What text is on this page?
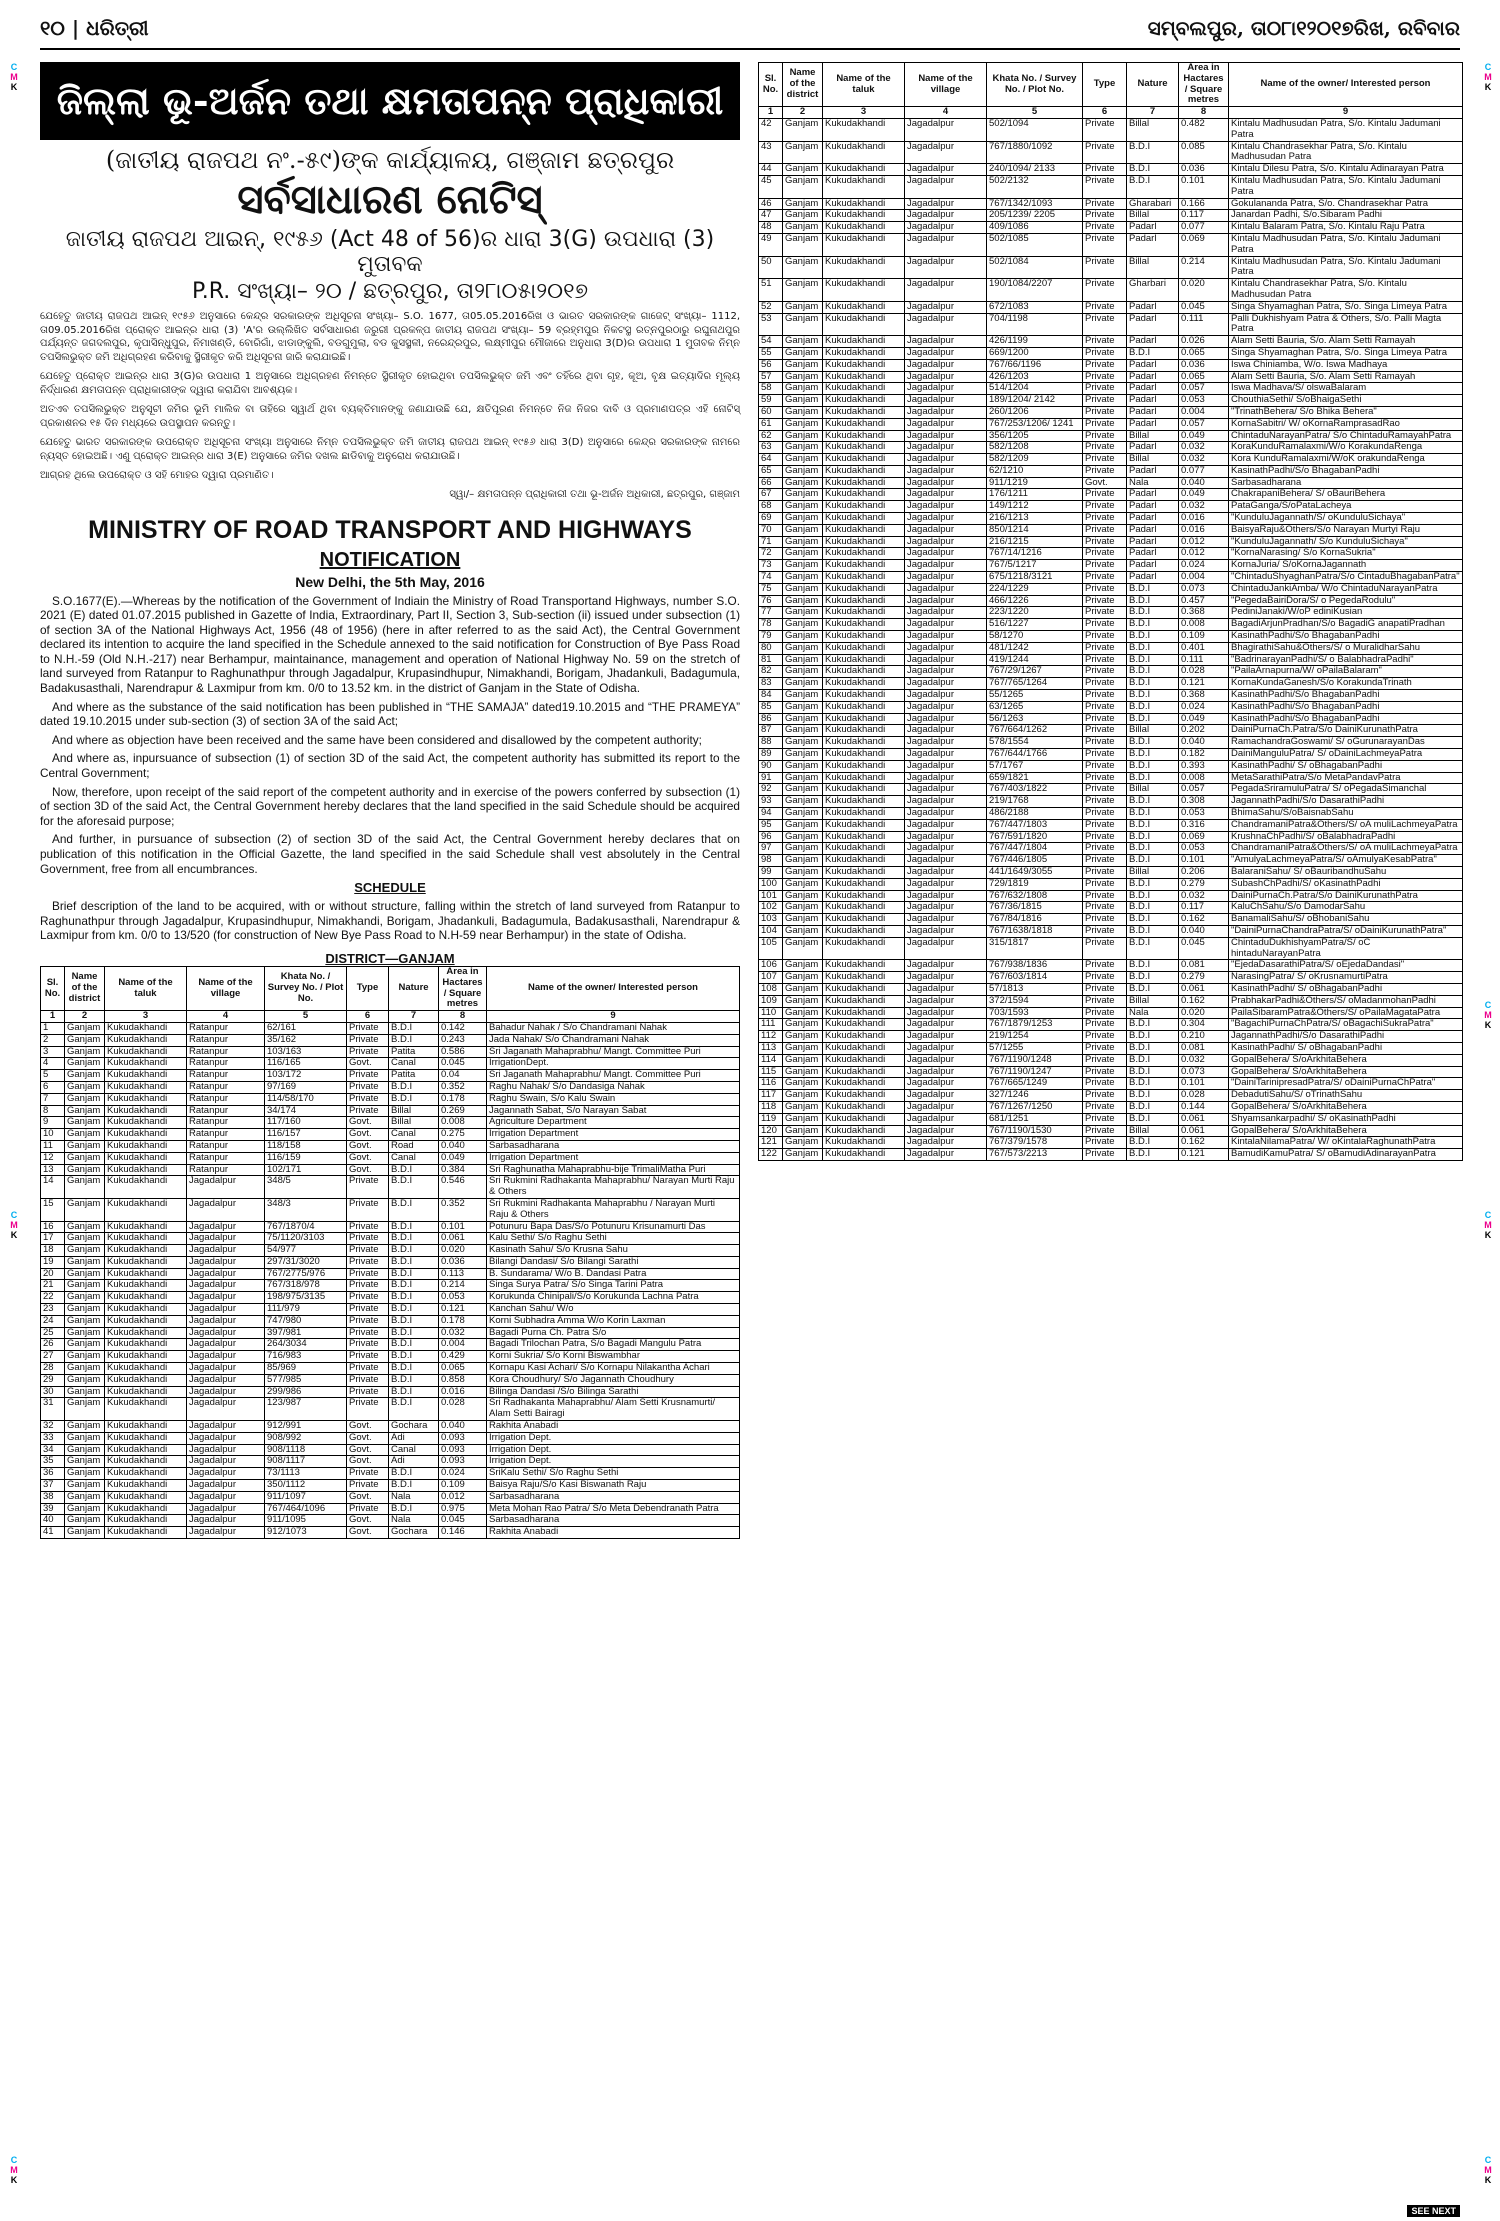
୧୦ | ଧରିତ୍ରୀ	ସମ୍ବଲପୁର, ତା୦୮ା୧୨୦୧୭ରିଖ, ରବିବାର
C
M
K
C
M
K
C
M
K
C
M
K
C
M
K
C
M
K
C
M
K
ଜିଲ୍ଲା ଭୂ-ଅର୍ଜନ ତଥା କ୍ଷମତାପନ୍ନ ପ୍ରାଧିକାରୀ
(ଜାତୀୟ ରାଜପଥ ନଂ.-୫୯)ଙ୍କ କାର୍ଯ୍ୟାଳୟ, ଗଞ୍ଜାମ ଛତ୍ରପୁର
ସର୍ବସାଧାରଣ ନୋଟିସ୍
ଜାତୀୟ ରାଜପଥ ଆଇନ୍, ୧୯୫୬ (Act 48 of 56)ର ଧାରା 3(G) ଉପଧାରା (3) ମୁତାବକ
P.R. ସଂଖ୍ୟା– ୨୦ / ଛତ୍ରପୁର, ତା୨୮ା୦୫ା୨୦୧୭
ଯେହେତୁ ଜାତୀୟ ରାଜପଥ ଆଇନ୍ ୧୯୫୬ ଅନୁସାରେ କେନ୍ଦ୍ର ସରକାରଙ୍କ ଅଧିସୂଚନା ସଂଖ୍ୟା– S.O. 1677, ତା05.05.2016ରିଖ ଓ ଭାରତ ସରକାରଙ୍କ ଗାଜେଟ୍ ସଂଖ୍ୟା– 1112, ତା09.05.2016ରିଖ ପ୍ରୋକ୍ତ ଆଇନ୍‌ର ଧାରା (3) 'A'ର ଉଲ୍ଲିଖିତ ସର୍ବସାଧାରଣ ଜରୁରୀ ପ୍ରକଳ୍ପ ଜାତୀୟ ରାଜପଥ ସଂଖ୍ୟା– 59 ବ୍ରହ୍ମପୁର ନିକଟସ୍ଥ ରତ୍ନପୁରଠାରୁ ରଘୁନାଥପୁର ପର୍ଯ୍ୟନ୍ତ ଜଗଦଲପୁର, କୃପାସିନ୍ଧୁପୁର, ନିମାଖଣ୍ଡି, ବୋରିଗାଁ, ଝାଡାଙ୍କୁଲି, ବଡଗୁମୁଲା, ବଡ କୁସସ୍ଥଳୀ, ନରେନ୍ଦ୍ରପୁର, ଲକ୍ଷ୍ମୀପୁର ମୌଜାରେ ଅନୁଧାରା 3(D)ର ଉପଧାରା 1 ମୁତାବକ ନିମ୍ନ ତପସିଲଭୁକ୍ତ ଜମି ଅଧିଗ୍ରହଣ କରିବାକୁ ସ୍ଥିରୀକୃତ କରି ଅଧିସୂଚନା ଜାରି କରାଯାଇଛି।
ଯେହେତୁ ପ୍ରୋକ୍ତ ଆଇନ୍‌ର ଧାରା 3(G)ର ଉପଧାରା 1 ଅନୁସାରେ ଅଧିଗ୍ରହଣ ନିମନ୍ତେ ସ୍ଥିରୀକୃତ ହୋଇଥିବା ତପସିଲଭୁକ୍ତ ଜମି ଏବଂ ତହିଁରେ ଥିବା ଗୃହ, କୂଅ, ବୃକ୍ଷ ଇତ୍ୟାଦିର ମୂଲ୍ୟ ନିର୍ଦ୍ଧାରଣ କ୍ଷମତାପନ୍ନ ପ୍ରାଧିକାରୀଙ୍କ ଦ୍ୱାରା କରାଯିବା ଆବଶ୍ୟକ।
ଅତଏବ ତପସିଲଭୁକ୍ତ ଅନୁସୂଚୀ ଜମିର ଭୂମି ମାଲିକ ବା ତାହିରେ ସ୍ୱାର୍ଥ ଥିବା ବ୍ୟକ୍ତିମାନଙ୍କୁ ଜଣାଯାଉଛି ଯେ, କ୍ଷତିପୂରଣ ନିମନ୍ତେ ନିଜ ନିଜର ଦାବି ଓ ପ୍ରମାଣପତ୍ର ଏହି ନୋଟିସ୍ ପ୍ରକାଶନର ୧୫ ଦିନ ମଧ୍ୟରେ ଉପସ୍ଥାପନ କରନ୍ତୁ।
ଯେହେତୁ ଭାରତ ସରକାରଙ୍କ ଉପରୋକ୍ତ ଅଧିସୂଚନା ସଂଖ୍ୟା ଅନୁସାରେ ନିମ୍ନ ତପସିଲଭୁକ୍ତ ଜମି ଜାତୀୟ ରାଜପଥ ଆଇନ୍ ୧୯୫୬ ଧାରା 3(D) ଅନୁସାରେ କେନ୍ଦ୍ର ସରକାରଙ୍କ ନାମରେ ନ୍ୟସ୍ତ ହୋଇଅଛି। ଏଣୁ ପ୍ରୋକ୍ତ ଆଇନ୍‌ର ଧାରା 3(E) ଅନୁସାରେ ଜମିର ଦଖଲ ଛାଡିବାକୁ ଅନୁରୋଧ କରାଯାଉଛି।
ଆଗ୍ରହ ଥିଲେ ଉପରୋକ୍ତ ଓ ସହି ମୋହର ଦ୍ୱାରା ପ୍ରମାଣିତ।
ସ୍ୱା/– କ୍ଷମତାପନ୍ନ ପ୍ରାଧିକାରୀ ତଥା ଭୂ-ଅର୍ଜନ ଅଧିକାରୀ, ଛତ୍ରପୁର, ଗଞ୍ଜାମ
MINISTRY OF ROAD TRANSPORT AND HIGHWAYS
NOTIFICATION
New Delhi, the 5th May, 2016
S.O.1677(E).—Whereas by the notification of the Government of Indiain the Ministry of Road Transportand Highways, number S.O. 2021 (E) dated 01.07.2015 published in Gazette of India, Extraordinary, Part II, Section 3, Sub-section (ii) issued under subsection (1) of section 3A of the National Highways Act, 1956 (48 of 1956) (here in after referred to as the said Act), the Central Government declared its intention to acquire the land specified in the Schedule annexed to the said notification for Construction of Bye Pass Road to N.H.-59 (Old N.H.-217) near Berhampur, maintainance, management and operation of National Highway No. 59 on the stretch of land surveyed from Ratanpur to Raghunathpur through Jagadalpur, Krupasindhupur, Nimakhandi, Borigam, Jhadankuli, Badagumula, Badakusasthali, Narendrapur & Laxmipur from km. 0/0 to 13.52 km. in the district of Ganjam in the State of Odisha.
And where as the substance of the said notification has been published in “THE SAMAJA” dated19.10.2015 and “THE PRAMEYA” dated 19.10.2015 under sub-section (3) of section 3A of the said Act;
And where as objection have been received and the same have been considered and disallowed by the competent authority;
And where as, inpursuance of subsection (1) of section 3D of the said Act, the competent authority has submitted its report to the Central Government;
Now, therefore, upon receipt of the said report of the competent authority and in exercise of the powers conferred by subsection (1) of section 3D of the said Act, the Central Government hereby declares that the land specified in the said Schedule should be acquired for the aforesaid purpose;
And further, in pursuance of subsection (2) of section 3D of the said Act, the Central Government hereby declares that on publication of this notification in the Official Gazette, the land specified in the said Schedule shall vest absolutely in the Central Government, free from all encumbrances.
SCHEDULE
Brief description of the land to be acquired, with or without structure, falling within the stretch of land surveyed from Ratanpur to Raghunathpur through Jagadalpur, Krupasindhupur, Nimakhandi, Borigam, Jhadankuli, Badagumula, Badakusasthali, Narendrapur & Laxmipur from km. 0/0 to 13/520 (for construction of New Bye Pass Road to N.H-59 near Berhampur) in the state of Odisha.
DISTRICT—GANJAM
Sl. No.	Name of the district	Name of the taluk	Name of the village	Khata No. / Survey No. / Plot No.	Type	Nature	Area in Hactares / Square metres	Name of the owner/ Interested person
1	2	3	4	5	6	7	8	9
1	Ganjam	Kukudakhandi	Ratanpur	62/161	Private	B.D.I	0.142	Bahadur Nahak / S/o Chandramani Nahak
2	Ganjam	Kukudakhandi	Ratanpur	35/162	Private	B.D.I	0.243	Jada Nahak/ S/o Chandramani Nahak
3	Ganjam	Kukudakhandi	Ratanpur	103/163	Private	Patita	0.586	Sri Jaganath Mahaprabhu/ Mangt. Committee Puri
4	Ganjam	Kukudakhandi	Ratanpur	116/165	Govt.	Canal	0.045	IrrigationDept.
5	Ganjam	Kukudakhandi	Ratanpur	103/172	Private	Patita	0.04	Sri Jaganath Mahaprabhu/ Mangt. Committee Puri
6	Ganjam	Kukudakhandi	Ratanpur	97/169	Private	B.D.I	0.352	Raghu Nahak/ S/o Dandasiga Nahak
7	Ganjam	Kukudakhandi	Ratanpur	114/58/170	Private	B.D.I	0.178	Raghu Swain, S/o Kalu Swain
8	Ganjam	Kukudakhandi	Ratanpur	34/174	Private	Billal	0.269	Jagannath Sabat, S/o Narayan Sabat
9	Ganjam	Kukudakhandi	Ratanpur	117/160	Govt.	Billal	0.008	Agriculture Department
10	Ganjam	Kukudakhandi	Ratanpur	116/157	Govt.	Canal	0.275	Irrigation Department
11	Ganjam	Kukudakhandi	Ratanpur	118/158	Govt.	Road	0.040	Sarbasadharana
12	Ganjam	Kukudakhandi	Ratanpur	116/159	Govt.	Canal	0.049	Irrigation Department
13	Ganjam	Kukudakhandi	Ratanpur	102/171	Govt.	B.D.I	0.384	Sri Raghunatha Mahaprabhu-bije TrimaliMatha Puri
14	Ganjam	Kukudakhandi	Jagadalpur	348/5	Private	B.D.I	0.546	Sri Rukmini Radhakanta Mahaprabhu/ Narayan Murti Raju & Others
15	Ganjam	Kukudakhandi	Jagadalpur	348/3	Private	B.D.I	0.352	Sri Rukmini Radhakanta Mahaprabhu / Narayan Murti Raju & Others
16	Ganjam	Kukudakhandi	Jagadalpur	767/1870/4	Private	B.D.I	0.101	Potunuru Bapa Das/S/o Potunuru Krisunamurti Das
17	Ganjam	Kukudakhandi	Jagadalpur	75/1120/3103	Private	B.D.I	0.061	Kalu Sethi/ S/o Raghu Sethi
18	Ganjam	Kukudakhandi	Jagadalpur	54/977	Private	B.D.I	0.020	Kasinath Sahu/ S/o Krusna Sahu
19	Ganjam	Kukudakhandi	Jagadalpur	297/31/3020	Private	B.D.I	0.036	Bilangi Dandasi/ S/o Bilangi Sarathi
20	Ganjam	Kukudakhandi	Jagadalpur	767/2775/976	Private	B.D.I	0.113	B. Sundarama/ W/o B. Dandasi Patra
21	Ganjam	Kukudakhandi	Jagadalpur	767/318/978	Private	B.D.I	0.214	Singa Surya Patra/ S/o Singa Tarini Patra
22	Ganjam	Kukudakhandi	Jagadalpur	198/975/3135	Private	B.D.I	0.053	Korukunda Chinipali/S/o Korukunda Lachna Patra
23	Ganjam	Kukudakhandi	Jagadalpur	111/979	Private	B.D.I	0.121	Kanchan Sahu/ W/o
24	Ganjam	Kukudakhandi	Jagadalpur	747/980	Private	B.D.I	0.178	Korni Subhadra Amma W/o Korin Laxman
25	Ganjam	Kukudakhandi	Jagadalpur	397/981	Private	B.D.I	0.032	Bagadi Purna Ch. Patra S/o
26	Ganjam	Kukudakhandi	Jagadalpur	264/3034	Private	B.D.I	0.004	Bagadi Trilochan Patra, S/o Bagadi Mangulu Patra
27	Ganjam	Kukudakhandi	Jagadalpur	716/983	Private	B.D.I	0.429	Korni Sukria/ S/o Korni Biswambhar
28	Ganjam	Kukudakhandi	Jagadalpur	85/969	Private	B.D.I	0.065	Kornapu Kasi Achari/ S/o Kornapu Nilakantha Achari
29	Ganjam	Kukudakhandi	Jagadalpur	577/985	Private	B.D.I	0.858	Kora Choudhury/ S/o Jagannath Choudhury
30	Ganjam	Kukudakhandi	Jagadalpur	299/986	Private	B.D.I	0.016	Bilinga Dandasi /S/o Bilinga Sarathi
31	Ganjam	Kukudakhandi	Jagadalpur	123/987	Private	B.D.I	0.028	Sri Radhakanta Mahaprabhu/ Alam Setti Krusnamurti/ Alam Setti Bairagi
32	Ganjam	Kukudakhandi	Jagadalpur	912/991	Govt.	Gochara	0.040	Rakhita Anabadi
33	Ganjam	Kukudakhandi	Jagadalpur	908/992	Govt.	Adi	0.093	Irrigation Dept.
34	Ganjam	Kukudakhandi	Jagadalpur	908/1118	Govt.	Canal	0.093	Irrigation Dept.
35	Ganjam	Kukudakhandi	Jagadalpur	908/1117	Govt.	Adi	0.093	Irrigation Dept.
36	Ganjam	Kukudakhandi	Jagadalpur	73/1113	Private	B.D.I	0.024	SriKalu Sethi/ S/o Raghu Sethi
37	Ganjam	Kukudakhandi	Jagadalpur	350/1112	Private	B.D.I	0.109	Baisya Raju/S/o Kasi Biswanath Raju
38	Ganjam	Kukudakhandi	Jagadalpur	911/1097	Govt.	Nala	0.012	Sarbasadharana
39	Ganjam	Kukudakhandi	Jagadalpur	767/464/1096	Private	B.D.I	0.975	Meta Mohan Rao Patra/ S/o Meta Debendranath Patra
40	Ganjam	Kukudakhandi	Jagadalpur	911/1095	Govt.	Nala	0.045	Sarbasadharana
41	Ganjam	Kukudakhandi	Jagadalpur	912/1073	Govt.	Gochara	0.146	Rakhita Anabadi
Sl. No.	Name of the district	Name of the taluk	Name of the village	Khata No. / Survey No. / Plot No.	Type	Nature	Area in Hactares / Square metres	Name of the owner/ Interested person
1	2	3	4	5	6	7	8	9
42	Ganjam	Kukudakhandi	Jagadalpur	502/1094	Private	Billal	0.482	Kintalu Madhusudan Patra, S/o. Kintalu Jadumani Patra
43	Ganjam	Kukudakhandi	Jagadalpur	767/1880/1092	Private	B.D.I	0.085	Kintalu Chandrasekhar Patra, S/o. Kintalu Madhusudan Patra
44	Ganjam	Kukudakhandi	Jagadalpur	240/1094/ 2133	Private	B.D.I	0.036	Kintalu Dilesu Patra, S/o. Kintalu Adinarayan Patra
45	Ganjam	Kukudakhandi	Jagadalpur	502/2132	Private	B.D.I	0.101	Kintalu Madhusudan Patra, S/o. Kintalu Jadumani Patra
46	Ganjam	Kukudakhandi	Jagadalpur	767/1342/1093	Private	Gharabari	0.166	Gokulananda Patra, S/o. Chandrasekhar Patra
47	Ganjam	Kukudakhandi	Jagadalpur	205/1239/ 2205	Private	Billal	0.117	Janardan Padhi, S/o.Sibaram Padhi
48	Ganjam	Kukudakhandi	Jagadalpur	409/1086	Private	Padarl	0.077	Kintalu Balaram Patra, S/o. Kintalu Raju Patra
49	Ganjam	Kukudakhandi	Jagadalpur	502/1085	Private	Padarl	0.069	Kintalu Madhusudan Patra, S/o. Kintalu Jadumani Patra
50	Ganjam	Kukudakhandi	Jagadalpur	502/1084	Private	Billal	0.214	Kintalu Madhusudan Patra, S/o. Kintalu Jadumani Patra
51	Ganjam	Kukudakhandi	Jagadalpur	190/1084/2207	Private	Gharbari	0.020	Kintalu Chandrasekhar Patra, S/o. Kintalu Madhusudan Patra
52	Ganjam	Kukudakhandi	Jagadalpur	672/1083	Private	Padarl	0.045	Singa Shyamaghan Patra, S/o. Singa Limeya Patra
53	Ganjam	Kukudakhandi	Jagadalpur	704/1198	Private	Padarl	0.111	Palli Dukhishyam Patra & Others, S/o. Palli Magta Patra
54	Ganjam	Kukudakhandi	Jagadalpur	426/1199	Private	Padarl	0.026	Alam Setti Bauria, S/o. Alam Setti Ramayah
55	Ganjam	Kukudakhandi	Jagadalpur	669/1200	Private	B.D.I	0.065	Singa Shyamaghan Patra, S/o. Singa Limeya Patra
56	Ganjam	Kukudakhandi	Jagadalpur	767/66/1196	Private	Padarl	0.036	Iswa Chiniamba, W/o. Iswa Madhaya
57	Ganjam	Kukudakhandi	Jagadalpur	426/1203	Private	Padarl	0.065	Alam Setti Bauria, S/o. Alam Setti Ramayah
58	Ganjam	Kukudakhandi	Jagadalpur	514/1204	Private	Padarl	0.057	Iswa Madhava/S/ olswaBalaram
59	Ganjam	Kukudakhandi	Jagadalpur	189/1204/ 2142	Private	Padarl	0.053	ChouthiaSethi/ S/oBhaigaSethi
60	Ganjam	Kukudakhandi	Jagadalpur	260/1206	Private	Padarl	0.004	"TrinathBehera/ S/o Bhika Behera"
61	Ganjam	Kukudakhandi	Jagadalpur	767/253/1206/ 1241	Private	Padarl	0.057	KornaSabitri/ W/ oKornaRamprasadRao
62	Ganjam	Kukudakhandi	Jagadalpur	356/1205	Private	Billal	0.049	ChintaduNarayanPatra/ S/o ChintaduRamayahPatra
63	Ganjam	Kukudakhandi	Jagadalpur	582/1208	Private	Padarl	0.032	KoraKunduRamalaxmi/W/o KorakundaRenga
64	Ganjam	Kukudakhandi	Jagadalpur	582/1209	Private	Billal	0.032	Kora KunduRamalaxmi/W/oK orakundaRenga
65	Ganjam	Kukudakhandi	Jagadalpur	62/1210	Private	Padarl	0.077	KasinathPadhi/S/o BhagabanPadhi
66	Ganjam	Kukudakhandi	Jagadalpur	911/1219	Govt.	Nala	0.040	Sarbasadharana
67	Ganjam	Kukudakhandi	Jagadalpur	176/1211	Private	Padarl	0.049	ChakrapaniBehera/ S/ oBauriBehera
68	Ganjam	Kukudakhandi	Jagadalpur	149/1212	Private	Padarl	0.032	PataGanga/S/oPataLacheya
69	Ganjam	Kukudakhandi	Jagadalpur	216/1213	Private	Padarl	0.016	"KunduluJagannath/S/ oKunduluSichaya"
70	Ganjam	Kukudakhandi	Jagadalpur	850/1214	Private	Padarl	0.016	BaisyaRaju&Others/S/o Narayan Murtyi Raju
71	Ganjam	Kukudakhandi	Jagadalpur	216/1215	Private	Padarl	0.012	"KunduluJagannath/ S/o KunduluSichaya"
72	Ganjam	Kukudakhandi	Jagadalpur	767/14/1216	Private	Padarl	0.012	"KornaNarasing/ S/o KornaSukria"
73	Ganjam	Kukudakhandi	Jagadalpur	767/5/1217	Private	Padarl	0.024	KornaJuria/ S/oKornaJagannath
74	Ganjam	Kukudakhandi	Jagadalpur	675/1218/3121	Private	Padarl	0.004	"ChintaduShyaghanPatra/S/o CintaduBhagabanPatra"
75	Ganjam	Kukudakhandi	Jagadalpur	224/1229	Private	B.D.I	0.073	ChintaduJankiAmba/ W/o ChintaduNarayanPatra
76	Ganjam	Kukudakhandi	Jagadalpur	466/1226	Private	B.D.I	0.457	"PegedaBairiDora/S/ o PegedaRodulu"
77	Ganjam	Kukudakhandi	Jagadalpur	223/1220	Private	B.D.I	0.368	PediniJanaki/W/oP ediniKusian
78	Ganjam	Kukudakhandi	Jagadalpur	516/1227	Private	B.D.I	0.008	BagadiArjunPradhan/S/o BagadiG anapatiPradhan
79	Ganjam	Kukudakhandi	Jagadalpur	58/1270	Private	B.D.I	0.109	KasinathPadhi/S/o BhagabanPadhi
80	Ganjam	Kukudakhandi	Jagadalpur	481/1242	Private	B.D.I	0.401	BhagirathiSahu&Others/S/ o MuralidharSahu
81	Ganjam	Kukudakhandi	Jagadalpur	419/1244	Private	B.D.I	0.111	"BadrinarayanPadhi/S/ o BalabhadraPadhi"
82	Ganjam	Kukudakhandi	Jagadalpur	767/29/1267	Private	B.D.I	0.028	"PailaArnapurna/W/ oPailaBalaram"
83	Ganjam	Kukudakhandi	Jagadalpur	767/765/1264	Private	B.D.I	0.121	KornaKundaGanesh/S/o KorakundaTrinath
84	Ganjam	Kukudakhandi	Jagadalpur	55/1265	Private	B.D.I	0.368	KasinathPadhi/S/o BhagabanPadhi
85	Ganjam	Kukudakhandi	Jagadalpur	63/1265	Private	B.D.I	0.024	KasinathPadhi/S/o BhagabanPadhi
86	Ganjam	Kukudakhandi	Jagadalpur	56/1263	Private	B.D.I	0.049	KasinathPadhi/S/o BhagabanPadhi
87	Ganjam	Kukudakhandi	Jagadalpur	767/664/1262	Private	Billal	0.202	DainiPurnaCh.Patra/S/o DainiKurunathPatra
88	Ganjam	Kukudakhandi	Jagadalpur	578/1554	Private	B.D.I	0.040	RamachandraGoswami/ S/ oGurunarayanDas
89	Ganjam	Kukudakhandi	Jagadalpur	767/644/1766	Private	B.D.I	0.182	DainiManguluPatra/ S/ oDainiLachmeyaPatra
90	Ganjam	Kukudakhandi	Jagadalpur	57/1767	Private	B.D.I	0.393	KasinathPadhi/ S/ oBhagabanPadhi
91	Ganjam	Kukudakhandi	Jagadalpur	659/1821	Private	B.D.I	0.008	MetaSarathiPatra/S/o MetaPandavPatra
92	Ganjam	Kukudakhandi	Jagadalpur	767/403/1822	Private	Billal	0.057	PegadaSriramuluPatra/ S/ oPegadaSimanchal
93	Ganjam	Kukudakhandi	Jagadalpur	219/1768	Private	B.D.I	0.308	JagannathPadhi/S/o DasarathiPadhi
94	Ganjam	Kukudakhandi	Jagadalpur	486/2188	Private	B.D.I	0.053	BhimaSahu/S/oBaisnabSahu
95	Ganjam	Kukudakhandi	Jagadalpur	767/447/1803	Private	B.D.I	0.316	ChandramaniPatra&Others/S/ oA muliLachmeyaPatra
96	Ganjam	Kukudakhandi	Jagadalpur	767/591/1820	Private	B.D.I	0.069	KrushnaChPadhi/S/ oBalabhadraPadhi
97	Ganjam	Kukudakhandi	Jagadalpur	767/447/1804	Private	B.D.I	0.053	ChandramaniPatra&Others/S/ oA muliLachmeyaPatra
98	Ganjam	Kukudakhandi	Jagadalpur	767/446/1805	Private	B.D.I	0.101	"AmulyaLachmeyaPatra/S/ oAmulyaKesabPatra"
99	Ganjam	Kukudakhandi	Jagadalpur	441/1649/3055	Private	Billal	0.206	BalaraniSahu/ S/ oBauribandhuSahu
100	Ganjam	Kukudakhandi	Jagadalpur	729/1819	Private	B.D.I	0.279	SubashChPadhi/S/ oKasinathPadhi
101	Ganjam	Kukudakhandi	Jagadalpur	767/632/1808	Private	B.D.I	0.032	DainiPurnaCh.Patra/S/o DainiKurunathPatra
102	Ganjam	Kukudakhandi	Jagadalpur	767/36/1815	Private	B.D.I	0.117	KaluChSahu/S/o DamodarSahu
103	Ganjam	Kukudakhandi	Jagadalpur	767/84/1816	Private	B.D.I	0.162	BanamaliSahu/S/ oBhobaniSahu
104	Ganjam	Kukudakhandi	Jagadalpur	767/1638/1818	Private	B.D.I	0.040	"DainiPurnaChandraPatra/S/ oDainiKurunathPatra"
105	Ganjam	Kukudakhandi	Jagadalpur	315/1817	Private	B.D.I	0.045	ChintaduDukhishyamPatra/S/ oC hintaduNarayanPatra
106	Ganjam	Kukudakhandi	Jagadalpur	767/938/1836	Private	B.D.I	0.081	"EjedaDasarathiPatra/S/ oEjedaDandasi"
107	Ganjam	Kukudakhandi	Jagadalpur	767/603/1814	Private	B.D.I	0.279	NarasingPatra/ S/ oKrusnamurtiPatra
108	Ganjam	Kukudakhandi	Jagadalpur	57/1813	Private	B.D.I	0.061	KasinathPadhi/ S/ oBhagabanPadhi
109	Ganjam	Kukudakhandi	Jagadalpur	372/1594	Private	Billal	0.162	PrabhakarPadhi&Others/S/ oMadanmohanPadhi
110	Ganjam	Kukudakhandi	Jagadalpur	703/1593	Private	Nala	0.020	PailaSibaramPatra&Others/S/ oPailaMagataPatra
111	Ganjam	Kukudakhandi	Jagadalpur	767/1879/1253	Private	B.D.I	0.304	"BagachiPurnaChPatra/S/ oBagachiSukraPatra"
112	Ganjam	Kukudakhandi	Jagadalpur	219/1254	Private	B.D.I	0.210	JagannathPadhi/S/o DasarathiPadhi
113	Ganjam	Kukudakhandi	Jagadalpur	57/1255	Private	B.D.I	0.081	KasinathPadhi/ S/ oBhagabanPadhi
114	Ganjam	Kukudakhandi	Jagadalpur	767/1190/1248	Private	B.D.I	0.032	GopalBehera/ S/oArkhitaBehera
115	Ganjam	Kukudakhandi	Jagadalpur	767/1190/1247	Private	B.D.I	0.073	GopalBehera/ S/oArkhitaBehera
116	Ganjam	Kukudakhandi	Jagadalpur	767/665/1249	Private	B.D.I	0.101	"DainiTarinipresadPatra/S/ oDainiPurnaChPatra"
117	Ganjam	Kukudakhandi	Jagadalpur	327/1246	Private	B.D.I	0.028	DebadutiSahu/S/ oTrinathSahu
118	Ganjam	Kukudakhandi	Jagadalpur	767/1267/1250	Private	B.D.I	0.144	GopalBehera/ S/oArkhitaBehera
119	Ganjam	Kukudakhandi	Jagadalpur	681/1251	Private	B.D.I	0.061	Shyamsankarpadhi/ S/ oKasinathPadhi
120	Ganjam	Kukudakhandi	Jagadalpur	767/1190/1530	Private	Billal	0.061	GopalBehera/ S/oArkhitaBehera
121	Ganjam	Kukudakhandi	Jagadalpur	767/379/1578	Private	B.D.I	0.162	KintalaNilamaPatra/ W/ oKintalaRaghunathPatra
122	Ganjam	Kukudakhandi	Jagadalpur	767/573/2213	Private	B.D.I	0.121	BamudiKamuPatra/ S/ oBamudiAdinarayanPatra
SEE NEXT
